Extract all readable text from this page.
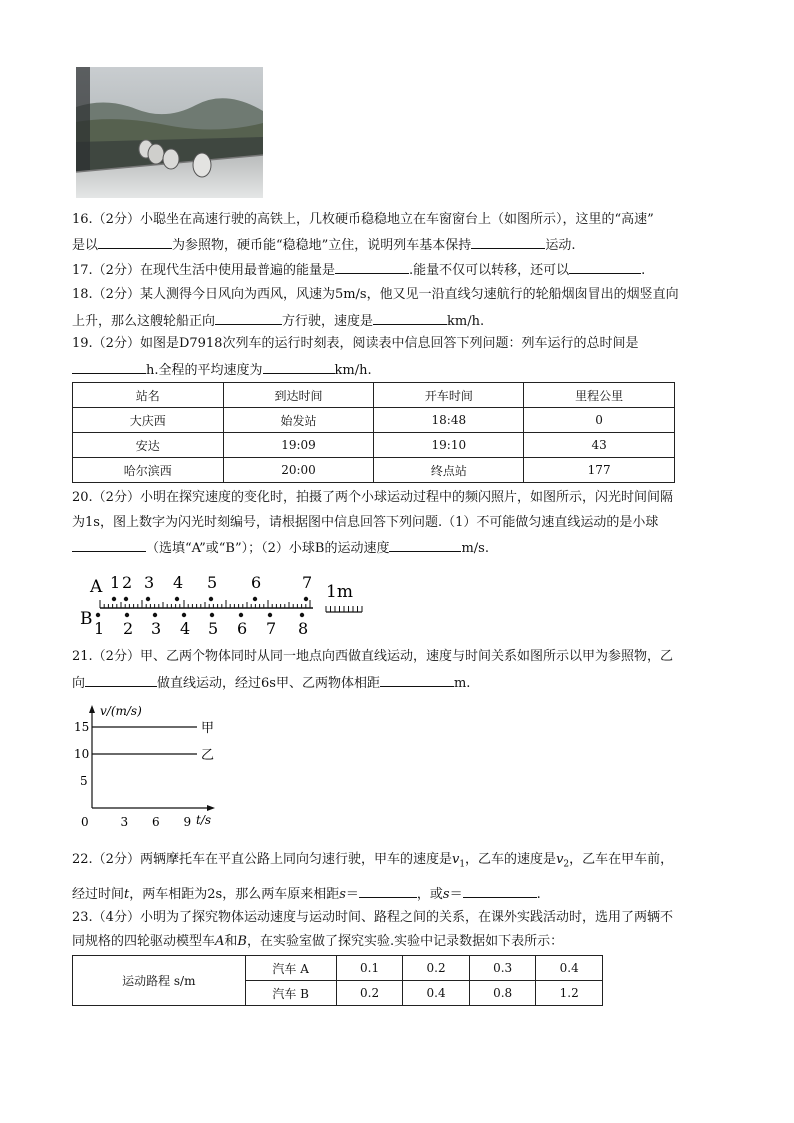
16.（2分）小聪坐在高速行驶的高铁上，几枚硬币稳稳地立在车窗窗台上（如图所示），这里的“高速”
是以	为参照物，硬币能“稳稳地”立住，说明列车基本保持	运动.
17.（2分）在现代生活中使用最普遍的能量是	.能量不仅可以转移，还可以	.
18.（2分）某人测得今日风向为西风，风速为5m/s，他又见一沿直线匀速航行的轮船烟囱冒出的烟竖直向
上升，那么这艘轮船正向	方行驶，速度是	km/h.
19.（2分）如图是D7918次列车的运行时刻表，阅读表中信息回答下列问题：列车运行的总时间是
h.全程的平均速度为	km/h.
站名	到达时间	开车时间	里程公里
大庆西	始发站	18:48	0
安达	19:09	19:10	43
哈尔滨西	20:00	终点站	177
20.（2分）小明在探究速度的变化时，拍摄了两个小球运动过程中的频闪照片，如图所示，闪光时间间隔
为1s，图上数字为闪光时刻编号，请根据图中信息回答下列问题.（1）不可能做匀速直线运动的是小球
（选填“A”或“B”）；（2）小球B的运动速度	m/s.
A
B
1 2 3 4 5 6	7
1 2 3 4 5 6 7 8
1m
21.（2分）甲、乙两个物体同时从同一地点向西做直线运动，速度与时间关系如图所示以甲为参照物，乙
向	做直线运动，经过6s甲、乙两物体相距	m.
v/(m/s)
t/s
0	3 6 9
5
10
15	甲
乙
22.（2分）两辆摩托车在平直公路上同向匀速行驶，甲车的速度是$v_1$，乙车的速度是$v_2$，乙车在甲车前，
经过时间t，两车相距为2s，那么两车原来相距s＝	，或s＝	.
23.（4分）小明为了探究物体运动速度与运动时间、路程之间的关系，在课外实践活动时，选用了两辆不
同规格的四轮驱动模型车A和B，在实验室做了探究实验.实验中记录数据如下表所示：
运动路程 s/m	汽车 A	0.1	0.2	0.3	0.4
	汽车 B	0.2	0.4	0.8	1.2
